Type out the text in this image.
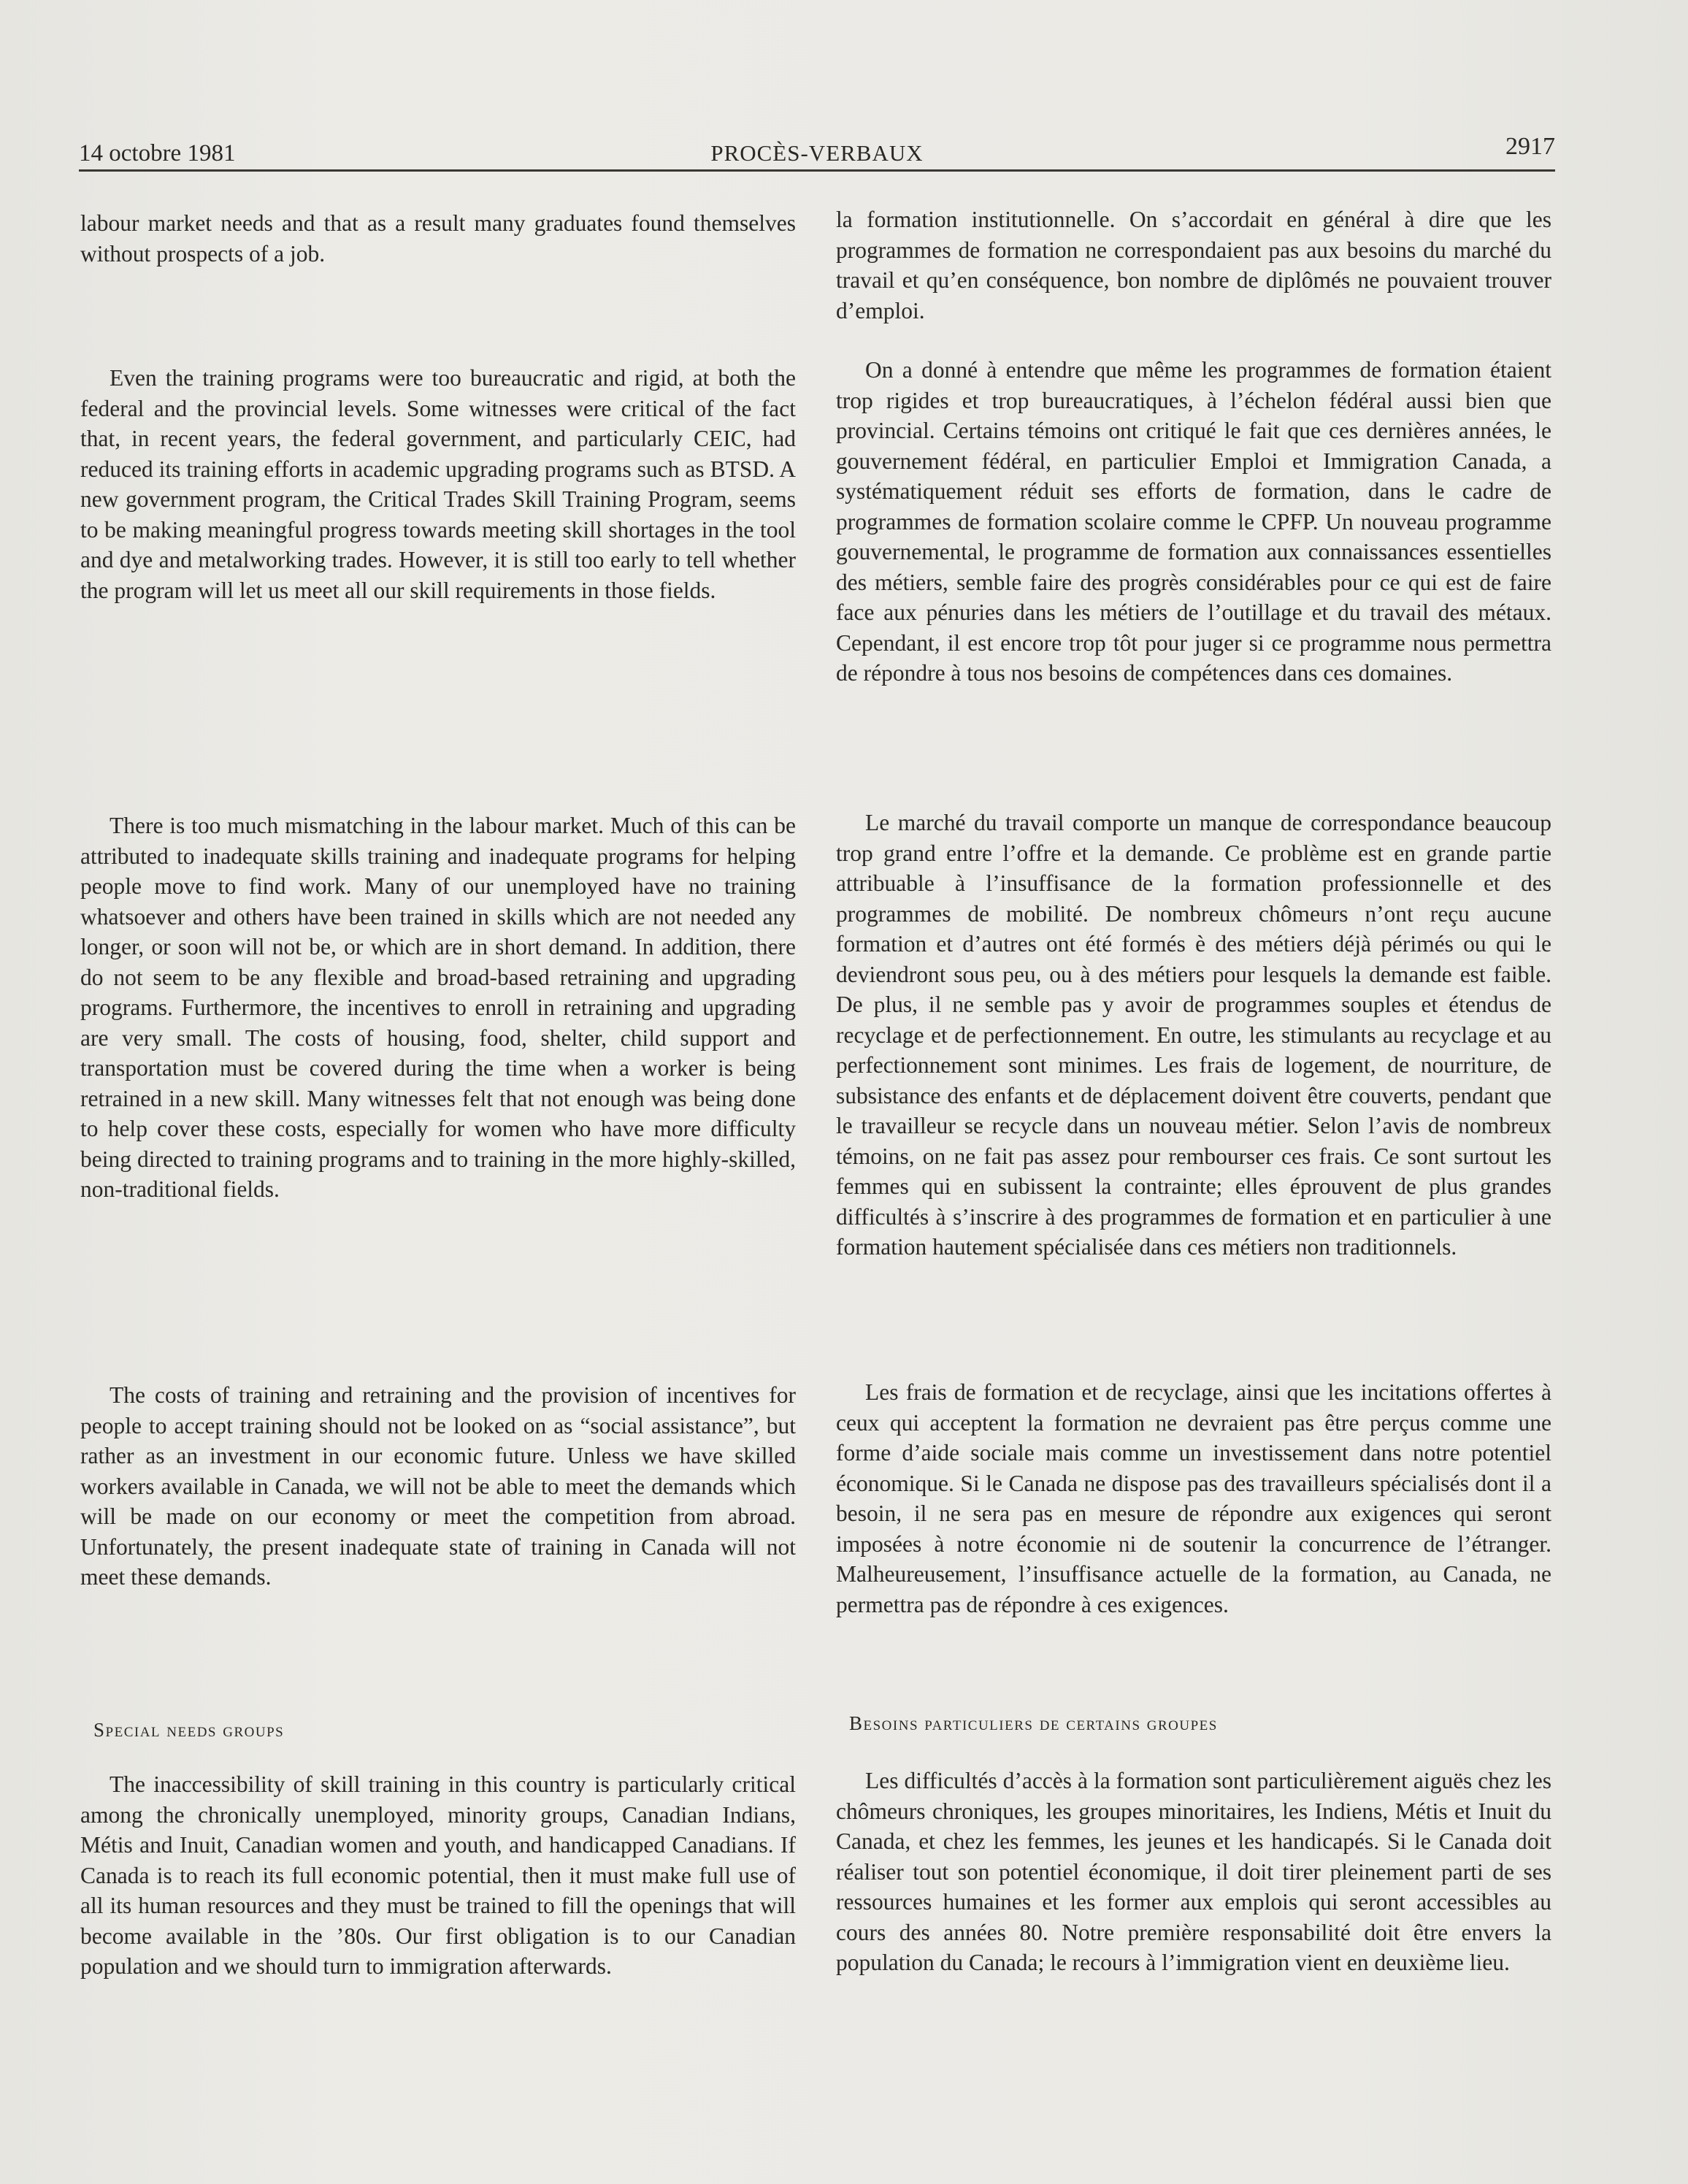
14 octobre 1981	PROCÈS-VERBAUX	2917

labour market needs and that as a result many graduates found themselves without prospects of a job.

Even the training programs were too bureaucratic and rigid, at both the federal and the provincial levels. Some witnesses were critical of the fact that, in recent years, the federal government, and particularly CEIC, had reduced its training efforts in academic upgrading programs such as BTSD. A new government program, the Critical Trades Skill Training Program, seems to be making meaningful progress towards meeting skill shortages in the tool and dye and metalworking trades. However, it is still too early to tell whether the program will let us meet all our skill requirements in those fields.

There is too much mismatching in the labour market. Much of this can be attributed to inadequate skills training and inadequate programs for helping people move to find work. Many of our unemployed have no training whatsoever and others have been trained in skills which are not needed any longer, or soon will not be, or which are in short demand. In addition, there do not seem to be any flexible and broad-based retraining and upgrading programs. Furthermore, the incentives to enroll in retraining and upgrading are very small. The costs of housing, food, shelter, child support and transportation must be covered during the time when a worker is being retrained in a new skill. Many witnesses felt that not enough was being done to help cover these costs, especially for women who have more difficulty being directed to training programs and to training in the more highly-skilled, non-traditional fields.

The costs of training and retraining and the provision of incentives for people to accept training should not be looked on as “social assistance”, but rather as an investment in our economic future. Unless we have skilled workers available in Canada, we will not be able to meet the demands which will be made on our economy or meet the competition from abroad. Unfortunately, the present inadequate state of training in Canada will not meet these demands.

Special needs groups

The inaccessibility of skill training in this country is particularly critical among the chronically unemployed, minority groups, Canadian Indians, Métis and Inuit, Canadian women and youth, and handicapped Canadians. If Canada is to reach its full economic potential, then it must make full use of all its human resources and they must be trained to fill the openings that will become available in the ’80s. Our first obligation is to our Canadian population and we should turn to immigration afterwards.

la formation institutionnelle. On s’accordait en général à dire que les programmes de formation ne correspondaient pas aux besoins du marché du travail et qu’en conséquence, bon nombre de diplômés ne pouvaient trouver d’emploi.

On a donné à entendre que même les programmes de formation étaient trop rigides et trop bureaucratiques, à l’échelon fédéral aussi bien que provincial. Certains témoins ont critiqué le fait que ces dernières années, le gouvernement fédéral, en particulier Emploi et Immigration Canada, a systématiquement réduit ses efforts de formation, dans le cadre de programmes de formation scolaire comme le CPFP. Un nouveau programme gouvernemental, le programme de formation aux connaissances essentielles des métiers, semble faire des progrès considérables pour ce qui est de faire face aux pénuries dans les métiers de l’outillage et du travail des métaux. Cependant, il est encore trop tôt pour juger si ce programme nous permettra de répondre à tous nos besoins de compétences dans ces domaines.

Le marché du travail comporte un manque de correspondance beaucoup trop grand entre l’offre et la demande. Ce problème est en grande partie attribuable à l’insuffisance de la formation professionnelle et des programmes de mobilité. De nombreux chômeurs n’ont reçu aucune formation et d’autres ont été formés è des métiers déjà périmés ou qui le deviendront sous peu, ou à des métiers pour lesquels la demande est faible. De plus, il ne semble pas y avoir de programmes souples et étendus de recyclage et de perfectionnement. En outre, les stimulants au recyclage et au perfectionnement sont minimes. Les frais de logement, de nourriture, de subsistance des enfants et de déplacement doivent être couverts, pendant que le travailleur se recycle dans un nouveau métier. Selon l’avis de nombreux témoins, on ne fait pas assez pour rembourser ces frais. Ce sont surtout les femmes qui en subissent la contrainte; elles éprouvent de plus grandes difficultés à s’inscrire à des programmes de formation et en particulier à une formation hautement spécialisée dans ces métiers non traditionnels.

Les frais de formation et de recyclage, ainsi que les incitations offertes à ceux qui acceptent la formation ne devraient pas être perçus comme une forme d’aide sociale mais comme un investissement dans notre potentiel économique. Si le Canada ne dispose pas des travailleurs spécialisés dont il a besoin, il ne sera pas en mesure de répondre aux exigences qui seront imposées à notre économie ni de soutenir la concurrence de l’étranger. Malheureusement, l’insuffisance actuelle de la formation, au Canada, ne permettra pas de répondre à ces exigences.

Besoins particuliers de certains groupes

Les difficultés d’accès à la formation sont particulièrement aiguës chez les chômeurs chroniques, les groupes minoritaires, les Indiens, Métis et Inuit du Canada, et chez les femmes, les jeunes et les handicapés. Si le Canada doit réaliser tout son potentiel économique, il doit tirer pleinement parti de ses ressources humaines et les former aux emplois qui seront accessibles au cours des années 80. Notre première responsabilité doit être envers la population du Canada; le recours à l’immigration vient en deuxième lieu.
